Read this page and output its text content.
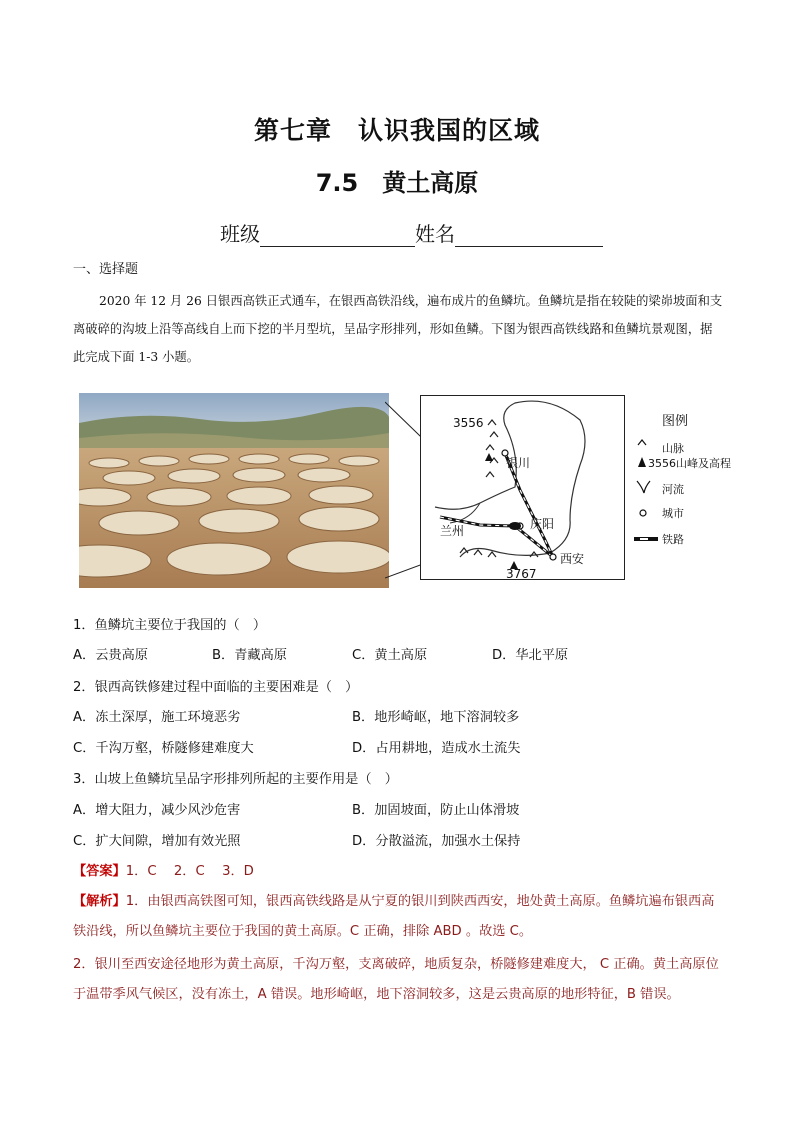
第七章　认识我国的区域
7.5　黄土高原
班级	姓名
一、选择题
2020 年 12 月 26 日银西高铁正式通车，在银西高铁沿线，遍布成片的鱼鳞坑。鱼鳞坑是指在较陡的梁峁坡面和支离破碎的沟坡上沿等高线自上而下挖的半月型坑，呈品字形排列，形如鱼鳞。下图为银西高铁线路和鱼鳞坑景观图，据此完成下面 1-3 小题。
3556
银川
庆阳
兰州
西安
3767
图例
山脉
3556山峰及高程
河流
城市
铁路
1．鱼鳞坑主要位于我国的（　）
A．云贵高原	B．青藏高原	C．黄土高原	D．华北平原
2．银西高铁修建过程中面临的主要困难是（　）
A．冻土深厚，施工环境恶劣	B．地形崎岖，地下溶洞较多
C．千沟万壑，桥隧修建难度大	D．占用耕地，造成水土流失
3．山坡上鱼鳞坑呈品字形排列所起的主要作用是（　）
A．增大阻力，减少风沙危害	B．加固坡面，防止山体滑坡
C．扩大间隙，增加有效光照	D．分散溢流，加强水土保持
【答案】1．C　 2．C　 3．D
【解析】1．由银西高铁图可知，银西高铁线路是从宁夏的银川到陕西西安，地处黄土高原。鱼鳞坑遍布银西高铁沿线，所以鱼鳞坑主要位于我国的黄土高原。C 正确，排除 ABD 。故选 C。
2．银川至西安途径地形为黄土高原，千沟万壑，支离破碎，地质复杂，桥隧修建难度大， C 正确。黄土高原位于温带季风气候区，没有冻土，A 错误。地形崎岖，地下溶洞较多，这是云贵高原的地形特征，B 错误。
